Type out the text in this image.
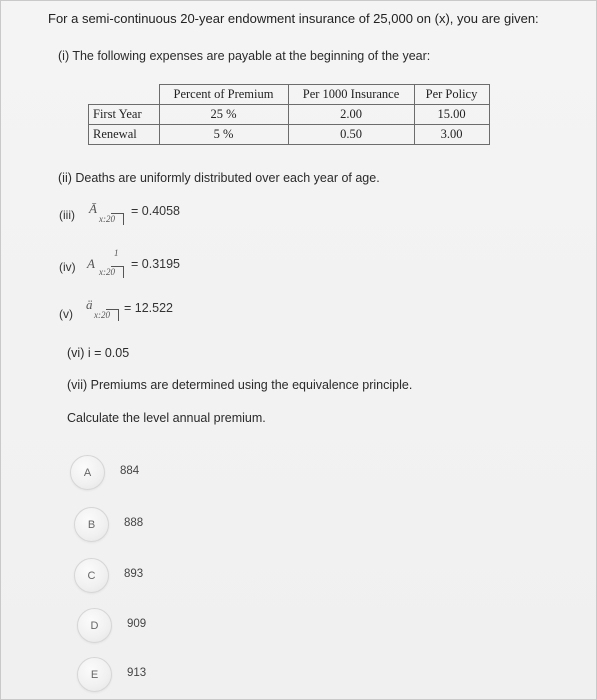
For a semi-continuous 20-year endowment insurance of 25,000 on (x), you are given:
(i) The following expenses are payable at the beginning of the year:
	Percent of Premium	Per 1000 Insurance	Per Policy
First Year	25 %	2.00	15.00
Renewal	5 %	0.50	3.00
(ii) Deaths are uniformly distributed over each year of age.
(iii) Ā
x:20
= 0.4058
(iv) A
1
x:20
= 0.3195
(v)
ä
x:20 = 12.522
(vi) i = 0.05
(vii) Premiums are determined using the equivalence principle.
Calculate the level annual premium.
A	884
B	888
C	893
D	909
E	913
